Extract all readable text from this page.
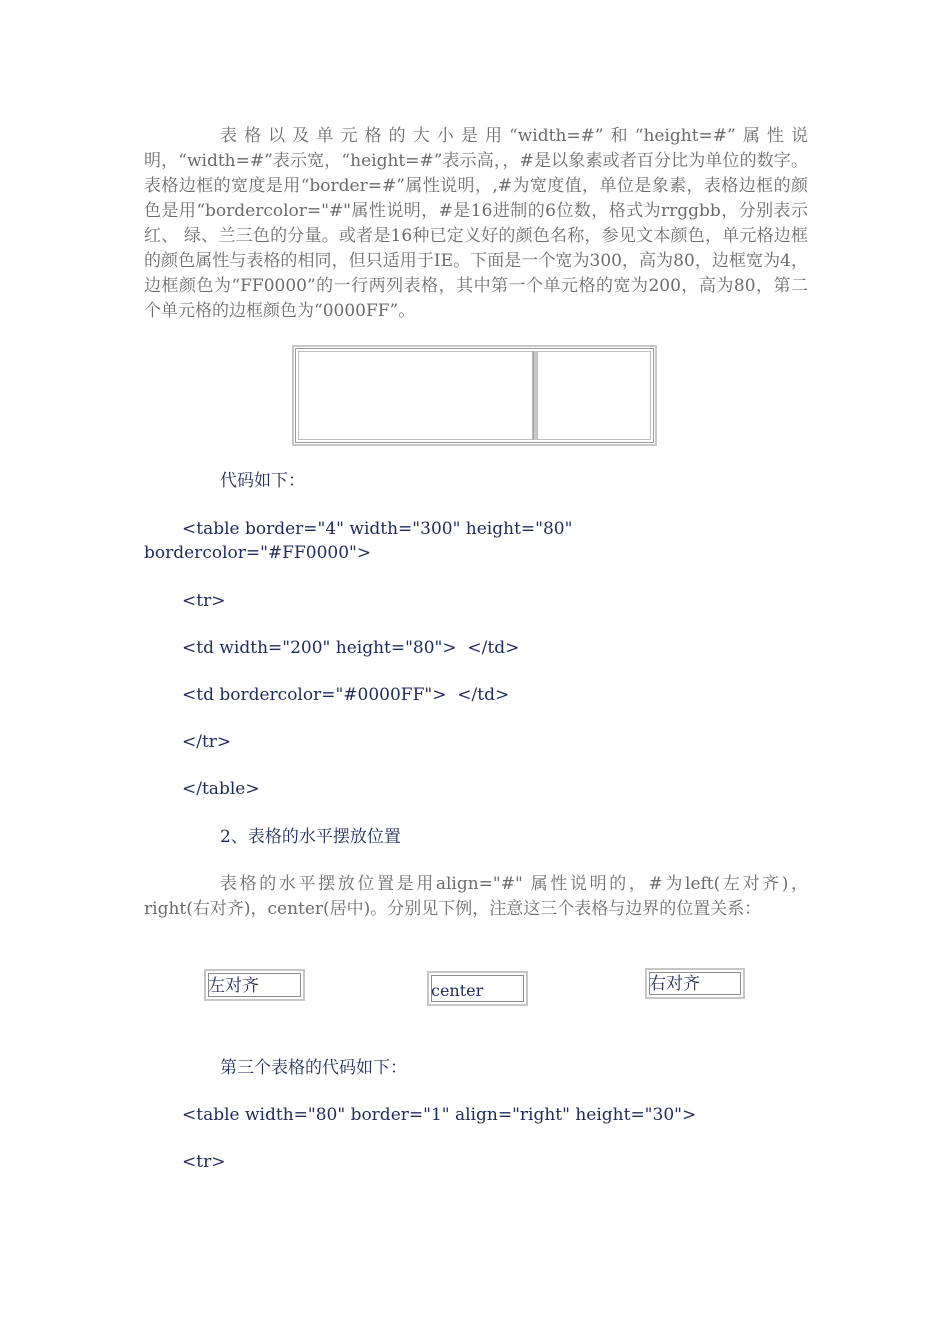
表格以及单元格的大小是用“width=#”和“height=#”属性说明，“width=#”表示宽，“height=#”表示高，，#是以象素或者百分比为单位的数字。表格边框的宽度是用“border=#”属性说明，,#为宽度值，单位是象素，表格边框的颜色是用“bordercolor="#"属性说明，#是16进制的6位数，格式为rrggbb，分别表示红、 绿、兰三色的分量。或者是16种已定义好的颜色名称，参见文本颜色，单元格边框的颜色属性与表格的相同，但只适用于IE。下面是一个宽为300，高为80，边框宽为4，边框颜色为“FF0000”的一行两列表格，其中第一个单元格的宽为200，高为80，第二个单元格的边框颜色为“0000FF”。

代码如下：

<table border="4" width="300" height="80"

bordercolor="#FF0000">

<tr>

<td width="200" height="80">  </td>

<td bordercolor="#0000FF">  </td>

</tr>

</table>

2、表格的水平摆放位置

表格的水平摆放位置是用align="#" 属性说明的，#为left(左对齐)，right(右对齐)，center(居中)。分别见下例，注意这三个表格与边界的位置关系：

左对齐	center	右对齐

第三个表格的代码如下：

<table width="80" border="1" align="right" height="30">

<tr>
